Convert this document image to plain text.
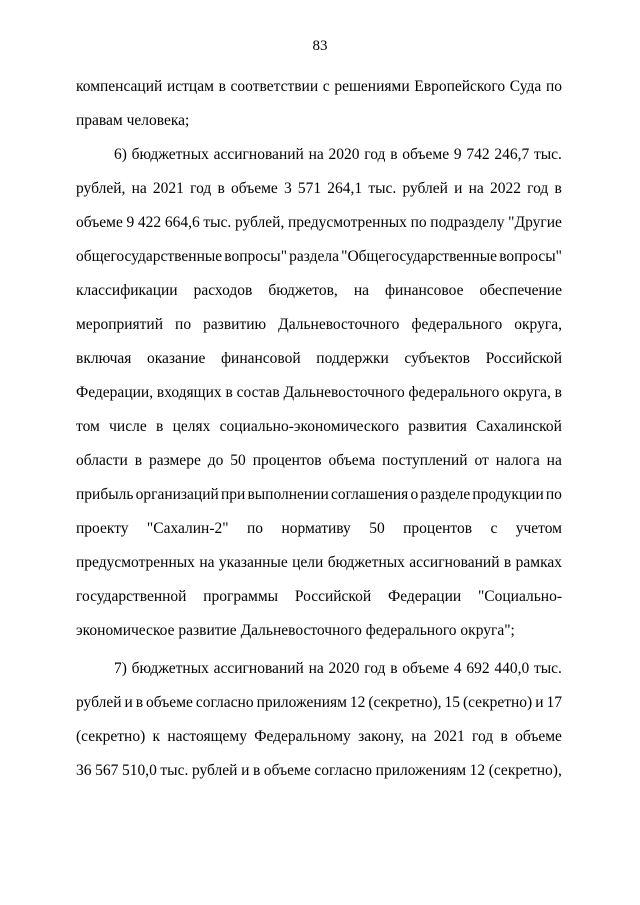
83
компенсаций истцам в соответствии с решениями Европейского Суда по
правам человека;
6) бюджетных ассигнований на 2020 год в объеме 9 742 246,7 тыс.
рублей, на 2021 год в объеме 3 571 264,1 тыс. рублей и на 2022 год в
объеме 9 422 664,6 тыс. рублей, предусмотренных по подразделу "Другие
общегосударственные вопросы" раздела "Общегосударственные вопросы"
классификации расходов бюджетов, на финансовое обеспечение
мероприятий по развитию Дальневосточного федерального округа,
включая оказание финансовой поддержки субъектов Российской
Федерации, входящих в состав Дальневосточного федерального округа, в
том числе в целях социально-экономического развития Сахалинской
области в размере до 50 процентов объема поступлений от налога на
прибыль организаций при выполнении соглашения о разделе продукции по
проекту "Сахалин-2" по нормативу 50 процентов с учетом
предусмотренных на указанные цели бюджетных ассигнований в рамках
государственной программы Российской Федерации "Социально-
экономическое развитие Дальневосточного федерального округа";
7) бюджетных ассигнований на 2020 год в объеме 4 692 440,0 тыс.
рублей и в объеме согласно приложениям 12 (секретно), 15 (секретно) и 17
(секретно) к настоящему Федеральному закону, на 2021 год в объеме
36 567 510,0 тыс. рублей и в объеме согласно приложениям 12 (секретно),
